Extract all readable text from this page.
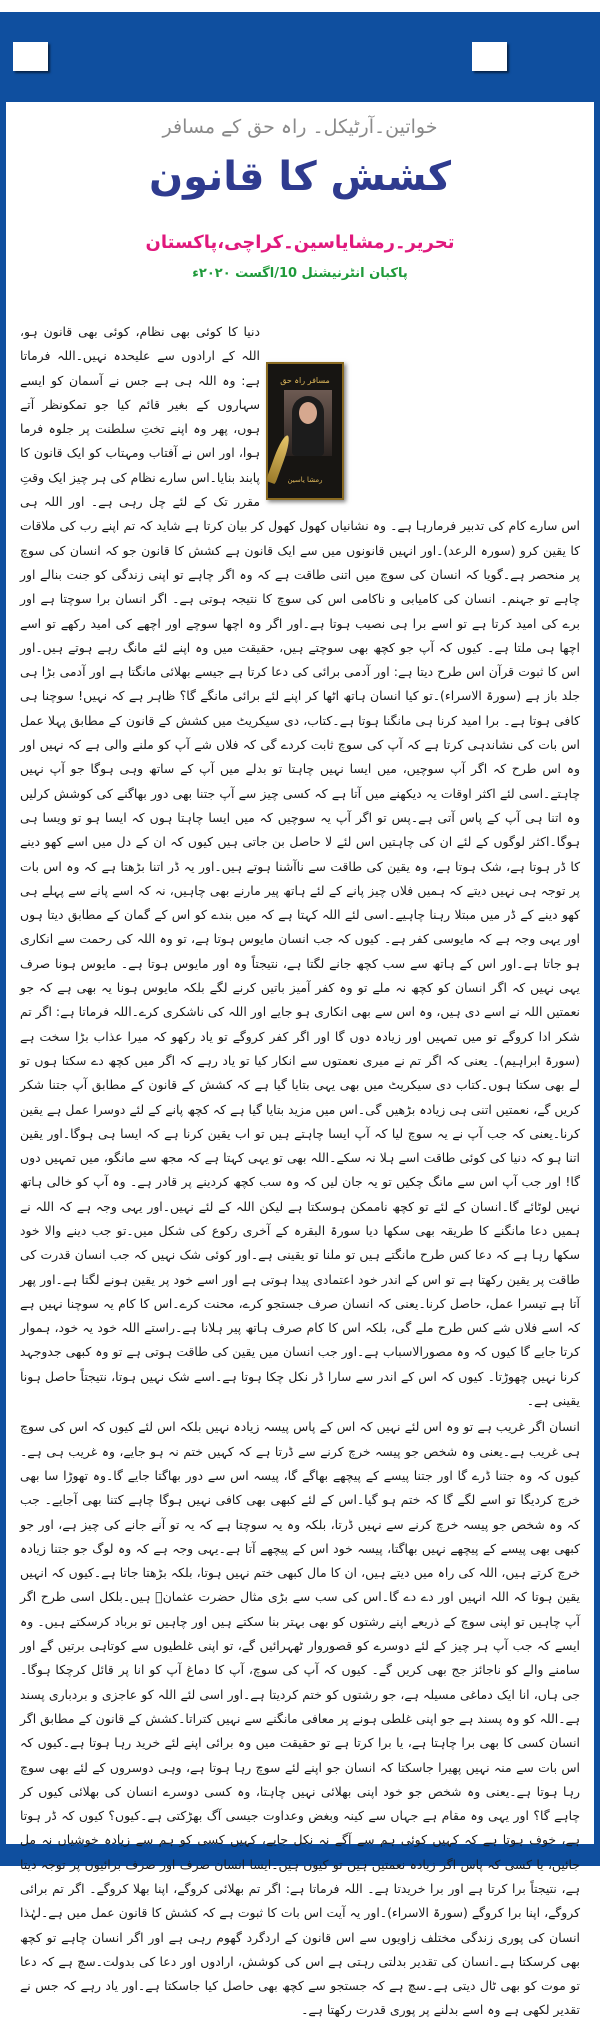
خواتین۔آرٹیکل۔ راہ حق کے مسافر
کشش کا قانون
تحریر۔رمشایاسین۔کراچی،پاکستان
پاکبان انٹرنیشنل 10/اگست ۲۰۲۰ء
مسافر راہ حق
رمشا یاسین

دنیا کا کوئی بھی نظام، کوئی بھی قانون ہو، اللہ کے ارادوں سے علیحدہ نہیں۔اللہ فرماتا ہے: وہ اللہ ہی ہے جس نے آسمان کو ایسے سہاروں کے بغیر قائم کیا جو تمکونظر آتے ہوں، پھر وہ اپنے تختِ سلطنت پر جلوہ فرما ہوا، اور اس نے آفتاب ومہتاب کو ایک قانون کا پابند بنایا۔اس سارے نظام کی ہر چیز ایک وقتِ مقرر تک کے لئے چل رہی ہے۔ اور اللہ ہی اس سارے کام کی تدبیر فرمارہا ہے۔ وہ نشانیاں کھول کھول کر بیان کرتا ہے شاید کہ تم اپنے رب کی ملاقات کا یقین کرو (سورہ الرعد)۔اور انہیں قانونوں میں سے ایک قانون ہے کشش کا قانون جو کہ انسان کی سوچ پر منحصر ہے۔گویا کہ انسان کی سوچ میں اتنی طاقت ہے کہ وہ اگر چاہے تو اپنی زندگی کو جنت بنالے اور چاہے تو جہنم۔ انسان کی کامیابی و ناکامی اس کی سوچ کا نتیجہ ہوتی ہے۔ اگر انسان برا سوچتا ہے اور برے کی امید کرتا ہے تو اسے برا ہی نصیب ہوتا ہے۔اور اگر وہ اچھا سوچے اور اچھے کی امید رکھے تو اسے اچھا ہی ملتا ہے۔ کیوں کہ آپ جو کچھ بھی سوچتے ہیں، حقیقت میں وہ اپنے لئے مانگ رہے ہوتے ہیں۔اور اس کا ثبوت قرآن اس طرح دیتا ہے: اور آدمی برائی کی دعا کرتا ہے جیسے بھلائی مانگتا ہے اور آدمی بڑا ہی جلد باز ہے (سورۃ الاسراء)۔تو کیا انسان ہاتھ اٹھا کر اپنے لئے برائی مانگے گا؟ ظاہر ہے کہ نہیں! سوچنا ہی کافی ہوتا ہے۔ برا امید کرنا ہی مانگنا ہوتا ہے۔کتاب، دی سیکریٹ میں کشش کے قانون کے مطابق پہلا عمل اس بات کی نشاندہی کرتا ہے کہ آپ کی سوچ ثابت کردے گی کہ فلاں شے آپ کو ملنے والی ہے کہ نہیں اور وہ اس طرح کہ اگر آپ سوچیں، میں ایسا نہیں چاہتا تو بدلے میں آپ کے ساتھ وہی ہوگا جو آپ نہیں چاہتے۔اسی لئے اکثر اوقات یہ دیکھنے میں آتا ہے کہ کسی چیز سے آپ جتنا بھی دور بھاگنے کی کوشش کرلیں وہ اتنا ہی آپ کے پاس آتی ہے۔پس تو اگر آپ یہ سوچیں کہ میں ایسا چاہتا ہوں کہ ایسا ہو تو ویسا ہی ہوگا۔اکثر لوگوں کے لئے ان کی چاہتیں اس لئے لا حاصل بن جاتی ہیں کیوں کہ ان کے دل میں اسے کھو دینے کا ڈر ہوتا ہے، شک ہوتا ہے، وہ یقین کی طاقت سے ناآشنا ہوتے ہیں۔اور یہ ڈر اتنا بڑھتا ہے کہ وہ اس بات پر توجہ ہی نہیں دیتے کہ ہمیں فلاں چیز پانے کے لئے ہاتھ پیر مارنے بھی چاہیں، نہ کہ اسے پانے سے پہلے ہی کھو دینے کے ڈر میں مبتلا رہنا چاہیے۔اسی لئے اللہ کہتا ہے کہ میں بندے کو اس کے گمان کے مطابق دیتا ہوں اور یہی وجہ ہے کہ مایوسی کفر ہے۔ کیوں کہ جب انسان مایوس ہوتا ہے، تو وہ اللہ کی رحمت سے انکاری ہو جاتا ہے۔اور اس کے ہاتھ سے سب کچھ جانے لگتا ہے، نتیجتاً وہ اور مایوس ہوتا ہے۔ مایوس ہونا صرف یہی نہیں کہ اگر انسان کو کچھ نہ ملے تو وہ کفر آمیز باتیں کرنے لگے بلکہ مایوس ہونا یہ بھی ہے کہ جو نعمتیں اللہ نے اسے دی ہیں، وہ اس سے بھی انکاری ہو جایے اور اللہ کی ناشکری کرے۔اللہ فرماتا ہے: اگر تم شکر ادا کروگے تو میں تمہیں اور زیادہ دوں گا اور اگر کفر کروگے تو یاد رکھو کہ میرا عذاب بڑا سخت ہے (سورۃ ابراہیم)۔ یعنی کہ اگر تم نے میری نعمتوں سے انکار کیا تو یاد رہے کہ اگر میں کچھ دے سکتا ہوں تو لے بھی سکتا ہوں۔کتاب دی سیکریٹ میں بھی یہی بتایا گیا ہے کہ کشش کے قانون کے مطابق آپ جتنا شکر کریں گے، نعمتیں اتنی ہی زیادہ بڑھیں گی۔اس میں مزید بتایا گیا ہے کہ کچھ پانے کے لئے دوسرا عمل ہے یقین کرنا۔یعنی کہ جب آپ نے یہ سوچ لیا کہ آپ ایسا چاہتے ہیں تو اب یقین کرنا ہے کہ ایسا ہی ہوگا۔اور یقین اتنا ہو کہ دنیا کی کوئی طاقت اسے ہلا نہ سکے۔اللہ بھی تو یہی کہتا ہے کہ مجھ سے مانگو، میں تمہیں دوں گا! اور جب آپ اس سے مانگ چکیں تو یہ جان لیں کہ وہ سب کچھ کردینے پر قادر ہے۔ وہ آپ کو خالی ہاتھ نہیں لوٹائے گا۔انسان کے لئے تو کچھ ناممکن ہوسکتا ہے لیکن اللہ کے لئے نہیں۔اور یہی وجہ ہے کہ اللہ نے ہمیں دعا مانگنے کا طریقہ بھی سکھا دیا سورۃ البقرہ کے آخری رکوع کی شکل میں۔تو جب دینے والا خود سکھا رہا ہے کہ دعا کس طرح مانگتے ہیں تو ملنا تو یقینی ہے۔اور کوئی شک نہیں کہ جب انسان قدرت کی طاقت پر یقین رکھتا ہے تو اس کے اندر خود اعتمادی پیدا ہوتی ہے اور اسے خود پر یقین ہونے لگتا ہے۔اور پھر آتا ہے تیسرا عمل، حاصل کرنا۔یعنی کہ انسان صرف جستجو کرے، محنت کرے۔اس کا کام یہ سوچنا نہیں ہے کہ اسے فلاں شے کس طرح ملے گی، بلکہ اس کا کام صرف ہاتھ پیر ہلانا ہے۔راستے اللہ خود یہ خود، ہموار کرتا جایے گا کیوں کہ وہ مصورالاسباب ہے۔اور جب انسان میں یقین کی طاقت ہوتی ہے تو وہ کبھی جدوجہد کرنا نہیں چھوڑتا۔ کیوں کہ اس کے اندر سے سارا ڈر نکل چکا ہوتا ہے۔اسے شک نہیں ہوتا، نتیجتاً حاصل ہونا یقینی ہے۔

انسان اگر غریب ہے تو وہ اس لئے نہیں کہ اس کے پاس پیسہ زیادہ نہیں بلکہ اس لئے کیوں کہ اس کی سوچ ہی غریب ہے۔یعنی وہ شخص جو پیسہ خرچ کرنے سے ڈرتا ہے کہ کہیں ختم نہ ہو جایے، وہ غریب ہی ہے۔کیوں کہ وہ جتنا ڈرے گا اور جتنا پیسے کے پیچھے بھاگے گا، پیسہ اس سے دور بھاگتا جایے گا۔وہ تھوڑا سا بھی خرچ کردیگا تو اسے لگے گا کہ ختم ہو گیا۔اس کے لئے کبھی بھی کافی نہیں ہوگا چاہے کتنا بھی آجایے۔ جب کہ وہ شخص جو پیسہ خرچ کرنے سے نہیں ڈرتا، بلکہ وہ یہ سوچتا ہے کہ یہ تو آنے جانے کی چیز ہے، اور جو کبھی بھی پیسے کے پیچھے نہیں بھاگتا، پیسہ خود اس کے پیچھے آتا ہے۔یہی وجہ ہے کہ وہ لوگ جو جتنا زیادہ خرچ کرتے ہیں، اللہ کی راہ میں دیتے ہیں، ان کا مال کبھی ختم نہیں ہوتا، بلکہ بڑھتا جاتا ہے۔کیوں کہ انہیں یقین ہوتا کہ اللہ انہیں اور دے دے گا۔اس کی سب سے بڑی مثال حضرت عثمانؓ ہیں۔بلکل اسی طرح اگر آپ چاہیں تو اپنی سوچ کے ذریعے اپنے رشتوں کو بھی بہتر بنا سکتے ہیں اور چاہیں تو برباد کرسکتے ہیں۔ وہ ایسے کہ جب آپ ہر چیز کے لئے دوسرے کو قصوروار ٹھہرائیں گے، تو اپنی غلطیوں سے کوتاہی برتیں گے اور سامنے والے کو ناجائز جج بھی کریں گے۔ کیوں کہ آپ کی سوچ، آپ کا دماغ آپ کو انا پر قائل کرچکا ہوگا۔ جی ہاں، انا ایک دماغی مسیلہ ہے، جو رشتوں کو ختم کردیتا ہے۔اور اسی لئے اللہ کو عاجزی و بردباری پسند ہے۔اللہ کو وہ پسند ہے جو اپنی غلطی ہونے پر معافی مانگنے سے نہیں کتراتا۔کشش کے قانون کے مطابق اگر انسان کسی کا بھی برا چاہتا ہے، یا برا کرتا ہے تو حقیقت میں وہ برائی اپنے لئے خرید رہا ہوتا ہے۔کیوں کہ اس بات سے منہ نہیں پھیرا جاسکتا کہ انسان جو اپنے لئے سوچ رہا ہوتا ہے، وہی دوسروں کے لئے بھی سوچ رہا ہوتا ہے۔یعنی وہ شخص جو خود اپنی بھلائی نہیں چاہتا، وہ کسی دوسرے انسان کی بھلائی کیوں کر چاہے گا؟ اور یہی وہ مقام ہے جہاں سے کینہ وبغض وعداوت جیسی آگ بھڑکتی ہے۔کیوں؟ کیوں کہ ڈر ہوتا ہے، خوف ہوتا ہے کہ کہیں کوئی ہم سے آگے نہ نکل جایے، کہیں کسی کو ہم سے زیادہ خوشیاں نہ مل جائیں، یا کسی کہ پاس اگر زیادہ نعمتیں ہیں تو کیوں ہیں۔ایسا انسان صرف اور صرف برائیوں پر توجہ دیتا ہے، نتیجتاً برا کرتا ہے اور برا خریدتا ہے۔ اللہ فرماتا ہے: اگر تم بھلائی کروگے، اپنا بھلا کروگے۔ اگر تم برائی کروگے، اپنا برا کروگے (سورۃ الاسراء)۔اور یہ آیت اس بات کا ثبوت ہے کہ کشش کا قانون عمل میں ہے۔لہٰذا انسان کی پوری زندگی مختلف زاویوں سے اس قانون کے اردگرد گھوم رہی ہے اور اگر انسان چاہے تو کچھ بھی کرسکتا ہے۔انسان کی تقدیر بدلتی رہتی ہے اس کی کوشش، ارادوں اور دعا کی بدولت۔سچ ہے کہ دعا تو موت کو بھی ٹال دیتی ہے۔سچ ہے کہ جستجو سے کچھ بھی حاصل کیا جاسکتا ہے۔اور یاد رہے کہ جس نے تقدیر لکھی ہے وہ اسے بدلنے پر پوری قدرت رکھتا ہے۔
